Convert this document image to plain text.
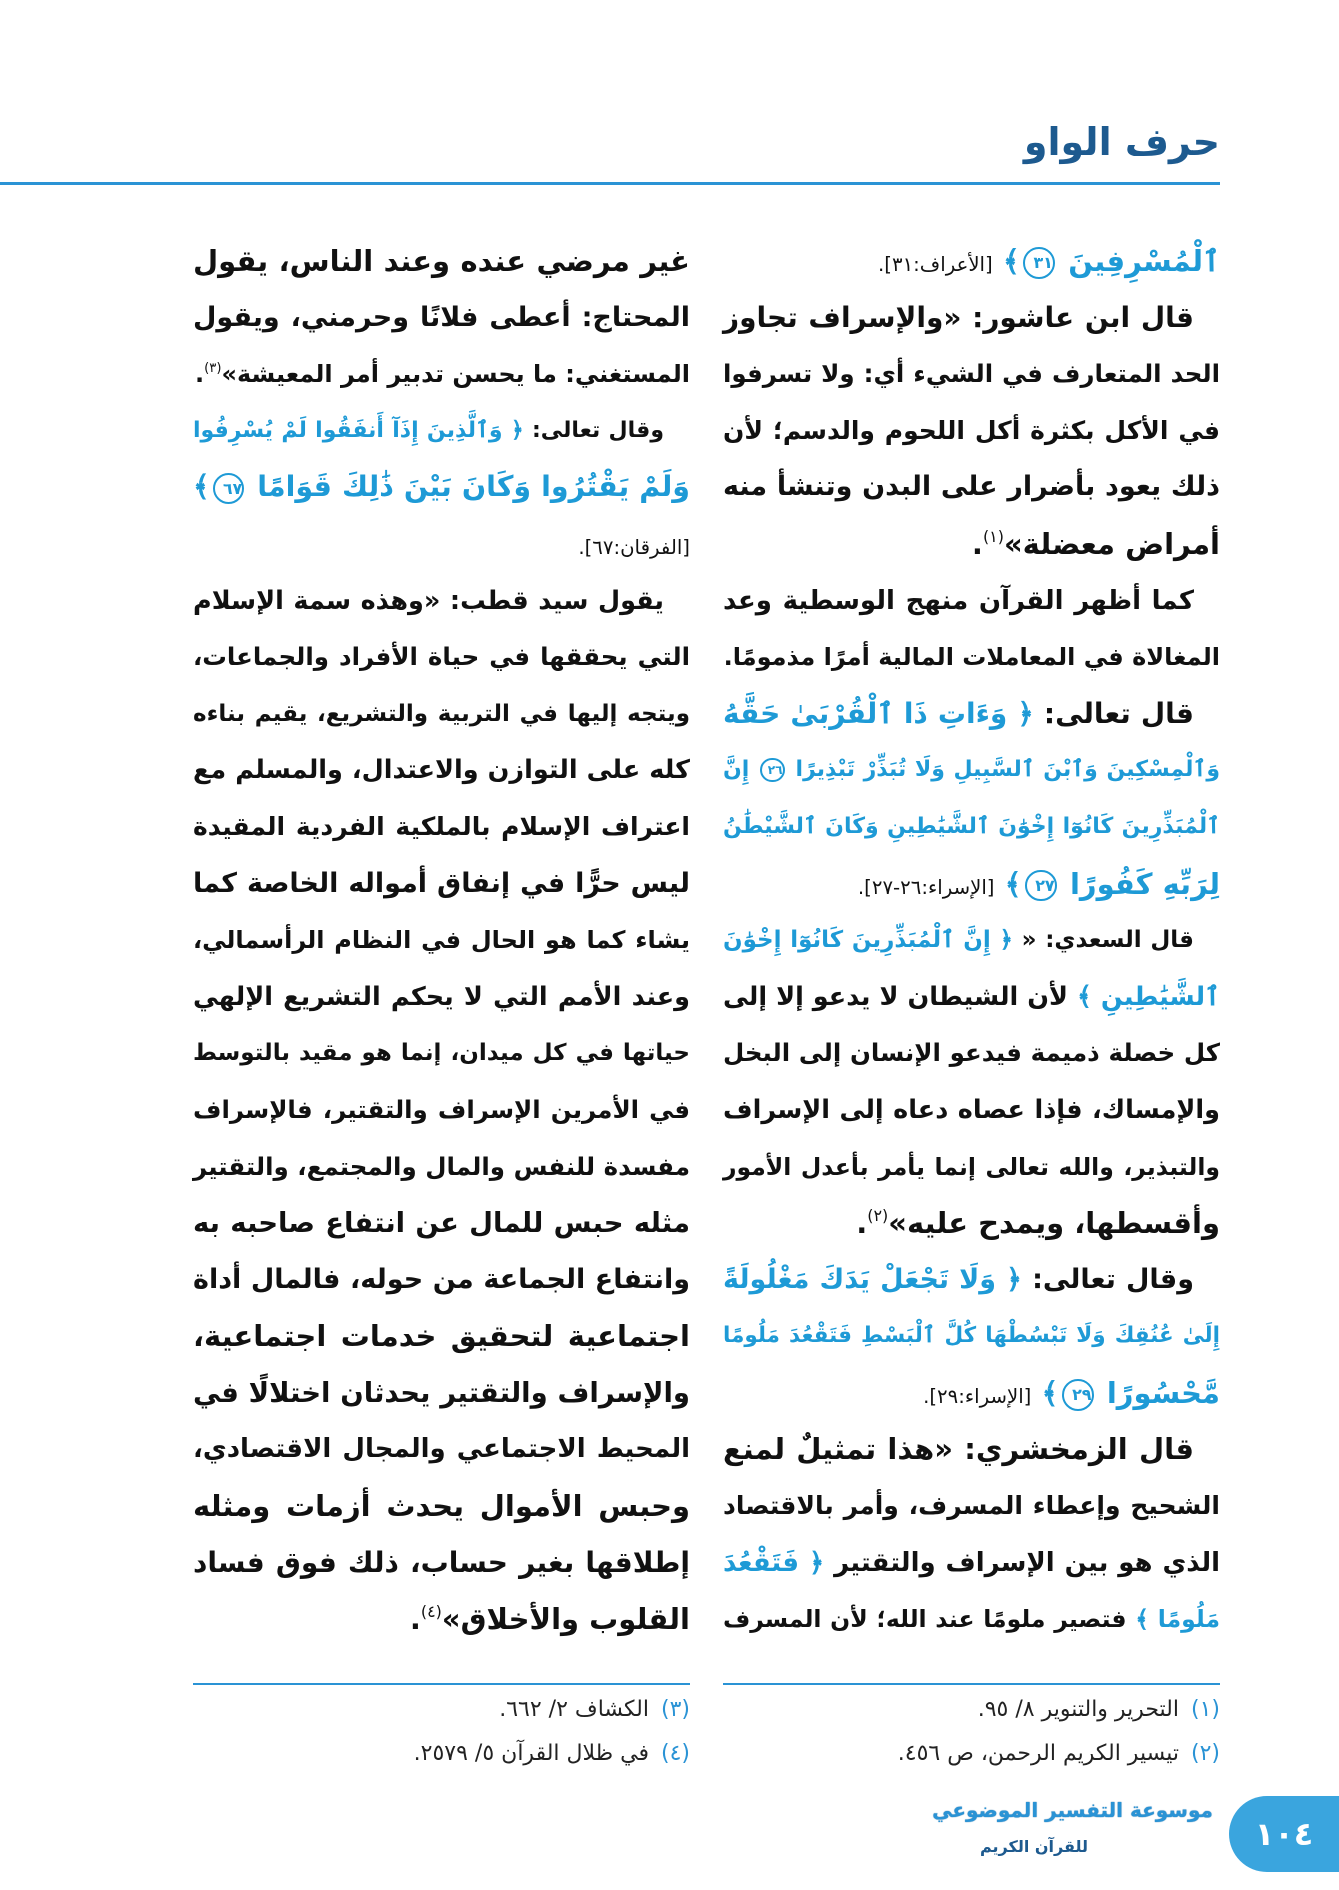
حرف الواو
ٱلْمُسْرِفِينَ ٣١﴾ [الأعراف:٣١].
قال ابن عاشور: «والإسراف تجاوز
الحد المتعارف في الشيء أي: ولا تسرفوا
في الأكل بكثرة أكل اللحوم والدسم؛ لأن
ذلك يعود بأضرار على البدن وتنشأ منه
أمراض معضلة»$^{(١)}$.
كما أظهر القرآن منهج الوسطية وعد
المغالاة في المعاملات المالية أمرًا مذمومًا.
قال تعالى: ﴿ وَءَاتِ ذَا ٱلْقُرْبَىٰ حَقَّهُ
وَٱلْمِسْكِينَ وَٱبْنَ ٱلسَّبِيلِ وَلَا تُبَذِّرْ تَبْذِيرًا ٢٦ إِنَّ
ٱلْمُبَذِّرِينَ كَانُوٓا إِخْوَٰنَ ٱلشَّيَٰطِينِ وَكَانَ ٱلشَّيْطَٰنُ
لِرَبِّهِ كَفُورًا ٢٧﴾ [الإسراء:٢٦-٢٧].
قال السعدي: « ﴿ إِنَّ ٱلْمُبَذِّرِينَ كَانُوٓا إِخْوَٰنَ
ٱلشَّيَٰطِينِ ﴾ لأن الشيطان لا يدعو إلا إلى
كل خصلة ذميمة فيدعو الإنسان إلى البخل
والإمساك، فإذا عصاه دعاه إلى الإسراف
والتبذير، والله تعالى إنما يأمر بأعدل الأمور
وأقسطها، ويمدح عليه»$^{(٢)}$.
وقال تعالى: ﴿ وَلَا تَجْعَلْ يَدَكَ مَغْلُولَةً
إِلَىٰ عُنُقِكَ وَلَا تَبْسُطْهَا كُلَّ ٱلْبَسْطِ فَتَقْعُدَ مَلُومًا
مَّحْسُورًا ٢٩﴾ [الإسراء:٢٩].
قال الزمخشري: «هذا تمثيلٌ لمنع
الشحيح وإعطاء المسرف، وأمر بالاقتصاد
الذي هو بين الإسراف والتقتير ﴿ فَتَقْعُدَ
مَلُومًا ﴾ فتصير ملومًا عند الله؛ لأن المسرف
غير مرضي عنده وعند الناس، يقول
المحتاج: أعطى فلانًا وحرمني، ويقول
المستغني: ما يحسن تدبير أمر المعيشة»$^{(٣)}$.
وقال تعالى: ﴿ وَٱلَّذِينَ إِذَآ أَنفَقُوا لَمْ يُسْرِفُوا
وَلَمْ يَقْتُرُوا وَكَانَ بَيْنَ ذَٰلِكَ قَوَامًا ٦٧﴾
[الفرقان:٦٧].
يقول سيد قطب: «وهذه سمة الإسلام
التي يحققها في حياة الأفراد والجماعات،
ويتجه إليها في التربية والتشريع، يقيم بناءه
كله على التوازن والاعتدال، والمسلم مع
اعتراف الإسلام بالملكية الفردية المقيدة
ليس حرًّا في إنفاق أمواله الخاصة كما
يشاء كما هو الحال في النظام الرأسمالي،
وعند الأمم التي لا يحكم التشريع الإلهي
حياتها في كل ميدان، إنما هو مقيد بالتوسط
في الأمرين الإسراف والتقتير، فالإسراف
مفسدة للنفس والمال والمجتمع، والتقتير
مثله حبس للمال عن انتفاع صاحبه به
وانتفاع الجماعة من حوله، فالمال أداة
اجتماعية لتحقيق خدمات اجتماعية،
والإسراف والتقتير يحدثان اختلالًا في
المحيط الاجتماعي والمجال الاقتصادي،
وحبس الأموال يحدث أزمات ومثله
إطلاقها بغير حساب، ذلك فوق فساد
القلوب والأخلاق»$^{(٤)}$.
(١)التحرير والتنوير ٨/ ٩٥.
(٢)تيسير الكريم الرحمن، ص ٤٥٦.
(٣)الكشاف ٢/ ٦٦٢.
(٤)في ظلال القرآن ٥/ ٢٥٧٩.
موسوعة التفسير الموضوعي
للقرآن الكريم	١٠٤
